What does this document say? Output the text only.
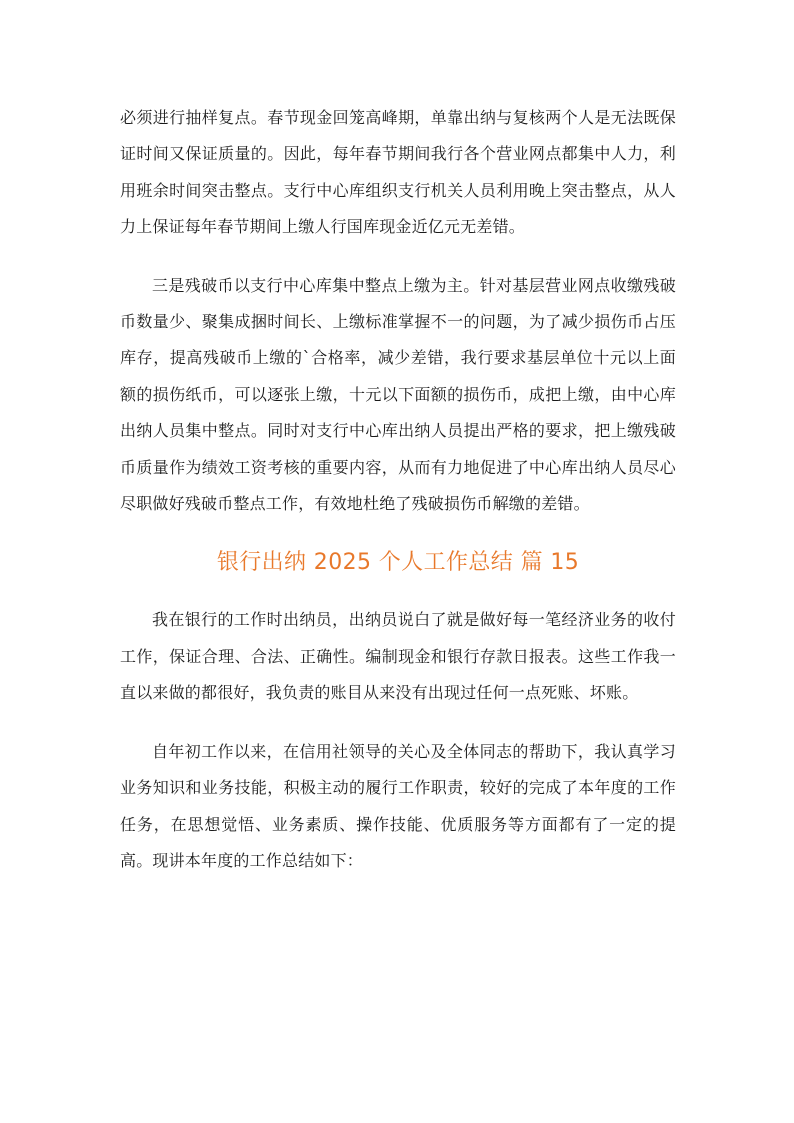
必须进行抽样复点。春节现金回笼高峰期，单靠出纳与复核两个人是无法既保证时间又保证质量的。因此，每年春节期间我行各个营业网点都集中人力，利用班余时间突击整点。支行中心库组织支行机关人员利用晚上突击整点，从人力上保证每年春节期间上缴人行国库现金近亿元无差错。

三是残破币以支行中心库集中整点上缴为主。针对基层营业网点收缴残破币数量少、聚集成捆时间长、上缴标准掌握不一的问题，为了减少损伤币占压库存，提高残破币上缴的`合格率，减少差错，我行要求基层单位十元以上面额的损伤纸币，可以逐张上缴，十元以下面额的损伤币，成把上缴，由中心库出纳人员集中整点。同时对支行中心库出纳人员提出严格的要求，把上缴残破币质量作为绩效工资考核的重要内容，从而有力地促进了中心库出纳人员尽心尽职做好残破币整点工作，有效地杜绝了残破损伤币解缴的差错。

银行出纳 2025 个人工作总结 篇 15

我在银行的工作时出纳员，出纳员说白了就是做好每一笔经济业务的收付工作，保证合理、合法、正确性。编制现金和银行存款日报表。这些工作我一直以来做的都很好，我负责的账目从来没有出现过任何一点死账、坏账。

自年初工作以来，在信用社领导的关心及全体同志的帮助下，我认真学习业务知识和业务技能，积极主动的履行工作职责，较好的完成了本年度的工作任务，在思想觉悟、业务素质、操作技能、优质服务等方面都有了一定的提高。现讲本年度的工作总结如下：
